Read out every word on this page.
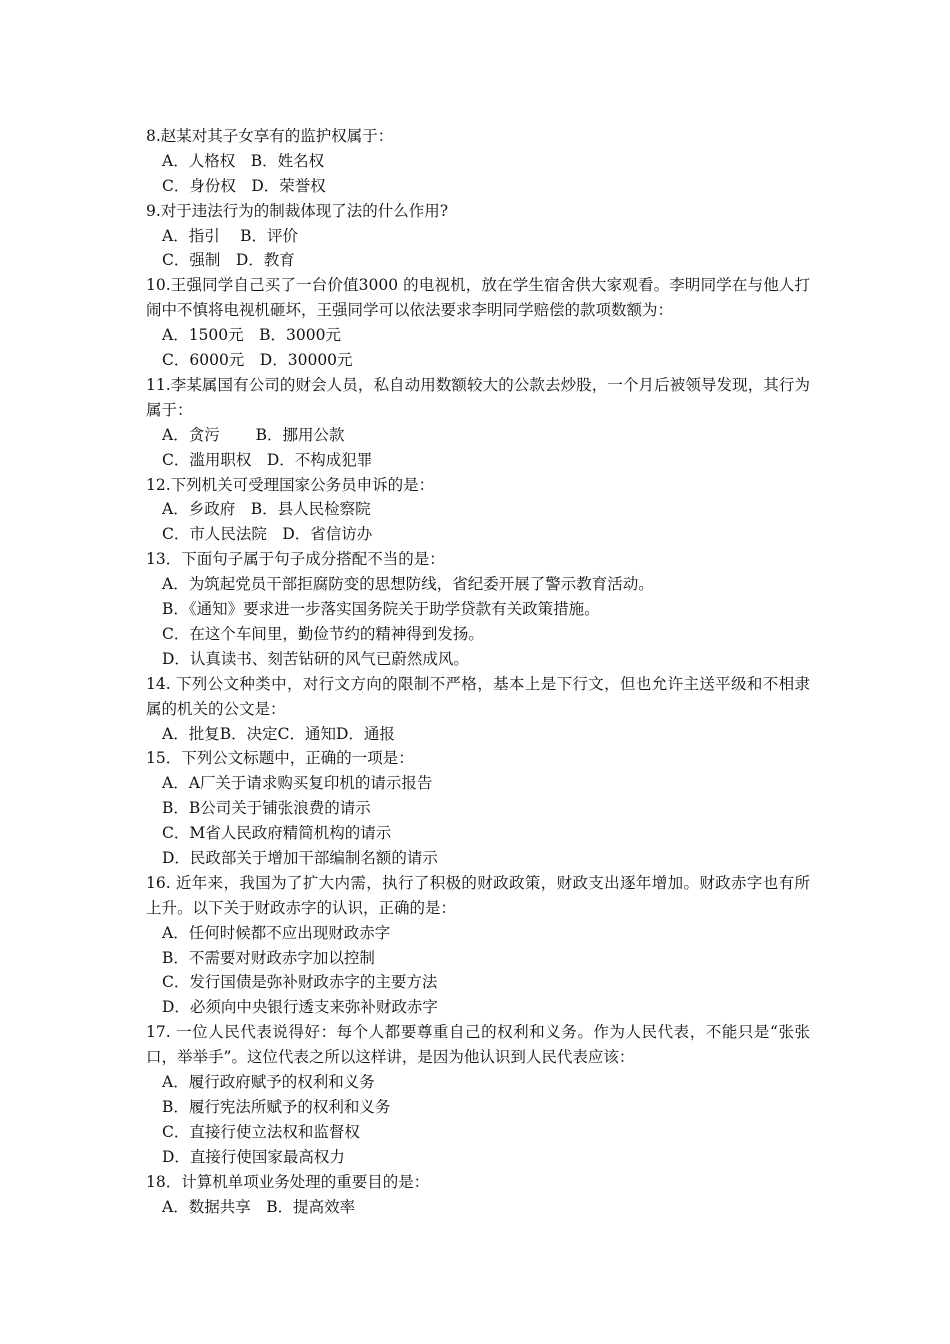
8.赵某对其子女享有的监护权属于：
A．人格权　B．姓名权
C．身份权　D．荣誉权
9.对于违法行为的制裁体现了法的什么作用?
A．指引　 B．评价
C．强制　D．教育
10.王强同学自己买了一台价值3000 的电视机，放在学生宿舍供大家观看。李明同学在与他人打闹中不慎将电视机砸坏，王强同学可以依法要求李明同学赔偿的款项数额为：
A．1500元　B．3000元
C．6000元　D．30000元
11.李某属国有公司的财会人员，私自动用数额较大的公款去炒股，一个月后被领导发现，其行为属于：
A．贪污　　 B．挪用公款
C．滥用职权　D．不构成犯罪
12.下列机关可受理国家公务员申诉的是：
A．乡政府　B．县人民检察院
C．市人民法院　D．省信访办
13．下面句子属于句子成分搭配不当的是：
A．为筑起党员干部拒腐防变的思想防线，省纪委开展了警示教育活动。
B．《通知》要求进一步落实国务院关于助学贷款有关政策措施。
C．在这个车间里，勤俭节约的精神得到发扬。
D．认真读书、刻苦钻研的风气已蔚然成风。
14. 下列公文种类中，对行文方向的限制不严格，基本上是下行文，但也允许主送平级和不相隶属的机关的公文是：
A．批复B．决定C．通知D．通报
15．下列公文标题中，正确的一项是：
A．A厂关于请求购买复印机的请示报告
B．B公司关于铺张浪费的请示
C．M省人民政府精简机构的请示
D．民政部关于增加干部编制名额的请示
16. 近年来，我国为了扩大内需，执行了积极的财政政策，财政支出逐年增加。财政赤字也有所上升。以下关于财政赤字的认识，正确的是：
A．任何时候都不应出现财政赤字
B．不需要对财政赤字加以控制
C．发行国债是弥补财政赤字的主要方法
D．必须向中央银行透支来弥补财政赤字
17. 一位人民代表说得好：每个人都要尊重自己的权利和义务。作为人民代表，不能只是“张张口，举举手”。这位代表之所以这样讲，是因为他认识到人民代表应该：
A．履行政府赋予的权利和义务
B．履行宪法所赋予的权利和义务
C．直接行使立法权和监督权
D．直接行使国家最高权力
18．计算机单项业务处理的重要目的是：
A．数据共享　B．提高效率
